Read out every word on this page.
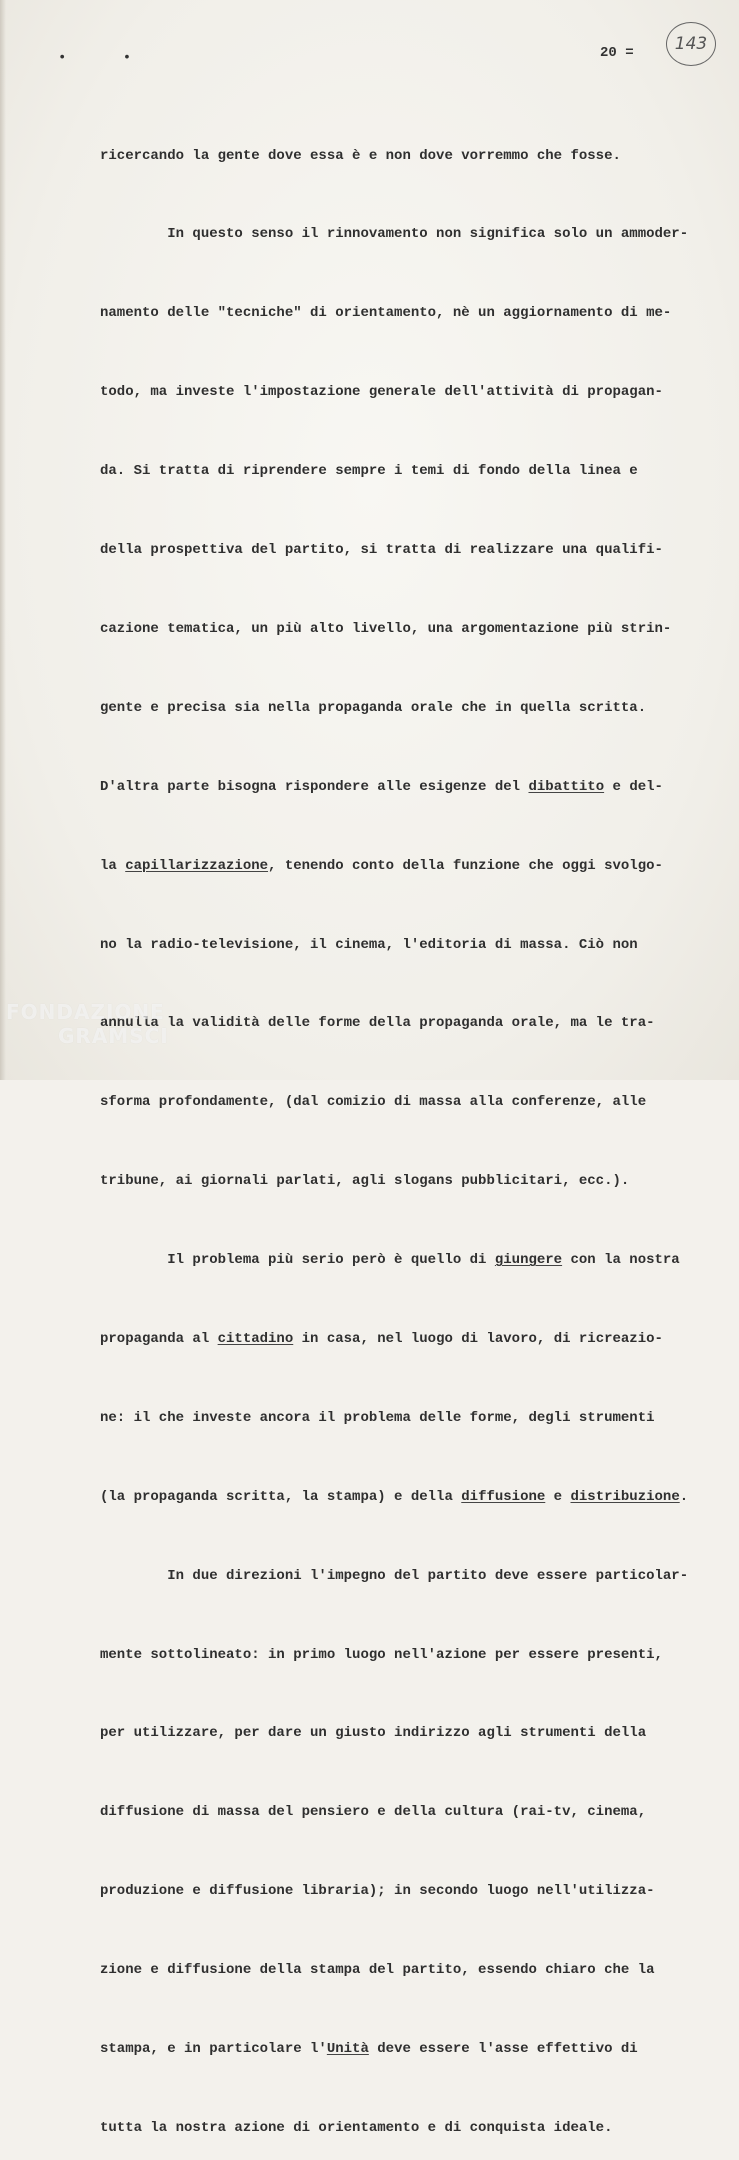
• •	20 =	143

ricercando la gente dove essa è e non dove vorremmo che fosse.

In questo senso il rinnovamento non significa solo un ammoder-

namento delle "tecniche" di orientamento, nè un aggiornamento di me-

todo, ma investe l'impostazione generale dell'attività di propagan-

da. Si tratta di riprendere sempre i temi di fondo della linea e

della prospettiva del partito, si tratta di realizzare una qualifi-

cazione tematica, un più alto livello, una argomentazione più strin-

gente e precisa sia nella propaganda orale che in quella scritta.

D'altra parte bisogna rispondere alle esigenze del dibattito e del-

la capillarizzazione, tenendo conto della funzione che oggi svolgo-

no la radio-televisione, il cinema, l'editoria di massa. Ciò non

annulla la validità delle forme della propaganda orale, ma le tra-

sforma profondamente, (dal comizio di massa alla conferenze, alle

tribune, ai giornali parlati, agli slogans pubblicitari, ecc.).

Il problema più serio però è quello di giungere con la nostra

propaganda al cittadino in casa, nel luogo di lavoro, di ricreazio-

ne: il che investe ancora il problema delle forme, degli strumenti

(la propaganda scritta, la stampa) e della diffusione e distribuzione.

In due direzioni l'impegno del partito deve essere particolar-

mente sottolineato: in primo luogo nell'azione per essere presenti,

per utilizzare, per dare un giusto indirizzo agli strumenti della

diffusione di massa del pensiero e della cultura (rai-tv, cinema,

produzione e diffusione libraria); in secondo luogo nell'utilizza-

zione e diffusione della stampa del partito, essendo chiaro che la

stampa, e in particolare l'Unità deve essere l'asse effettivo di

tutta la nostra azione di orientamento e di conquista ideale.

FONDAZIONE
GRAMSCI
